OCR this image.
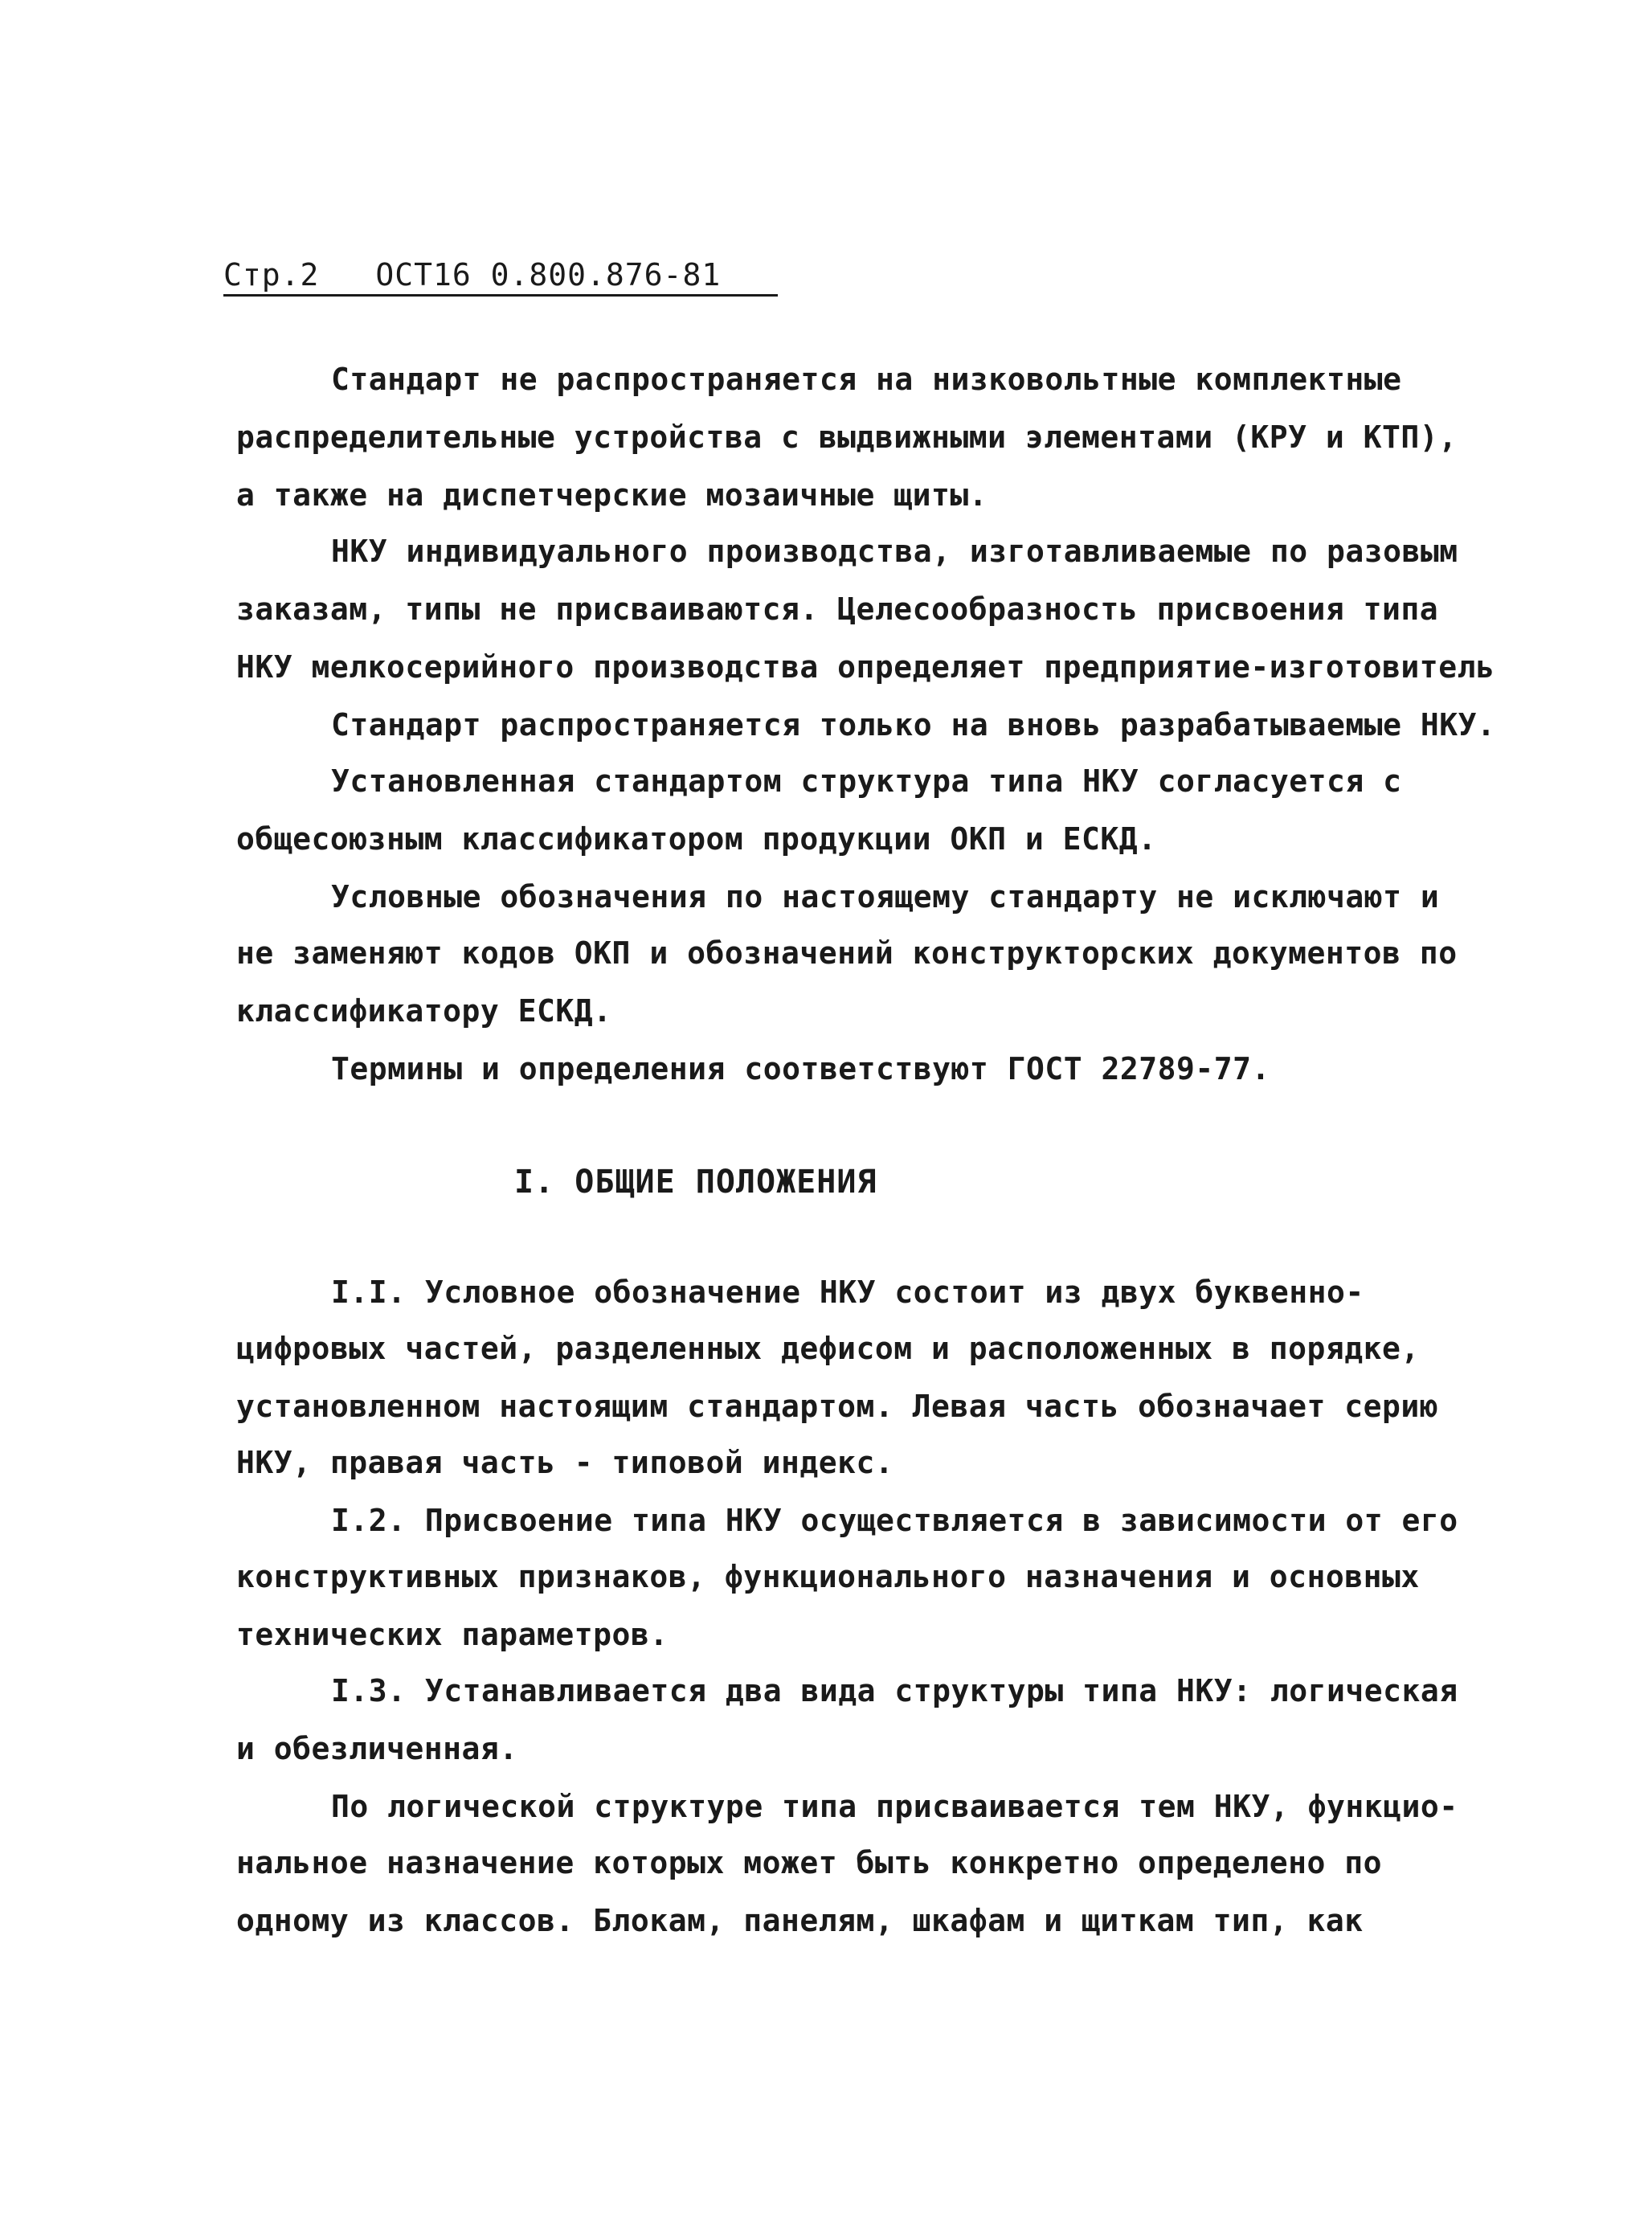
Стр.2 ОСТ16 0.800.876-81
Стандарт не распространяется на низковольтные комплектные
распределительные устройства с выдвижными элементами (КРУ и КТП),
а также на диспетчерские мозаичные щиты.
НКУ индивидуального производства, изготавливаемые по разовым
заказам, типы не присваиваются. Целесообразность присвоения типа
НКУ мелкосерийного производства определяет предприятие-изготовитель
Стандарт распространяется только на вновь разрабатываемые НКУ.
Установленная стандартом структура типа НКУ согласуется с
общесоюзным классификатором продукции ОКП и ЕСКД.
Условные обозначения по настоящему стандарту не исключают и
не заменяют кодов ОКП и обозначений конструкторских документов по
классификатору ЕСКД.
Термины и определения соответствуют ГОСТ 22789-77.
I. ОБЩИЕ ПОЛОЖЕНИЯ
I.I. Условное обозначение НКУ состоит из двух буквенно-
цифровых частей, разделенных дефисом и расположенных в порядке,
установленном настоящим стандартом. Левая часть обозначает серию
НКУ, правая часть - типовой индекс.
I.2. Присвоение типа НКУ осуществляется в зависимости от его
конструктивных признаков, функционального назначения и основных
технических параметров.
I.3. Устанавливается два вида структуры типа НКУ: логическая
и обезличенная.
По логической структуре типа присваивается тем НКУ, функцио-
нальное назначение которых может быть конкретно определено по
одному из классов. Блокам, панелям, шкафам и щиткам тип, как
